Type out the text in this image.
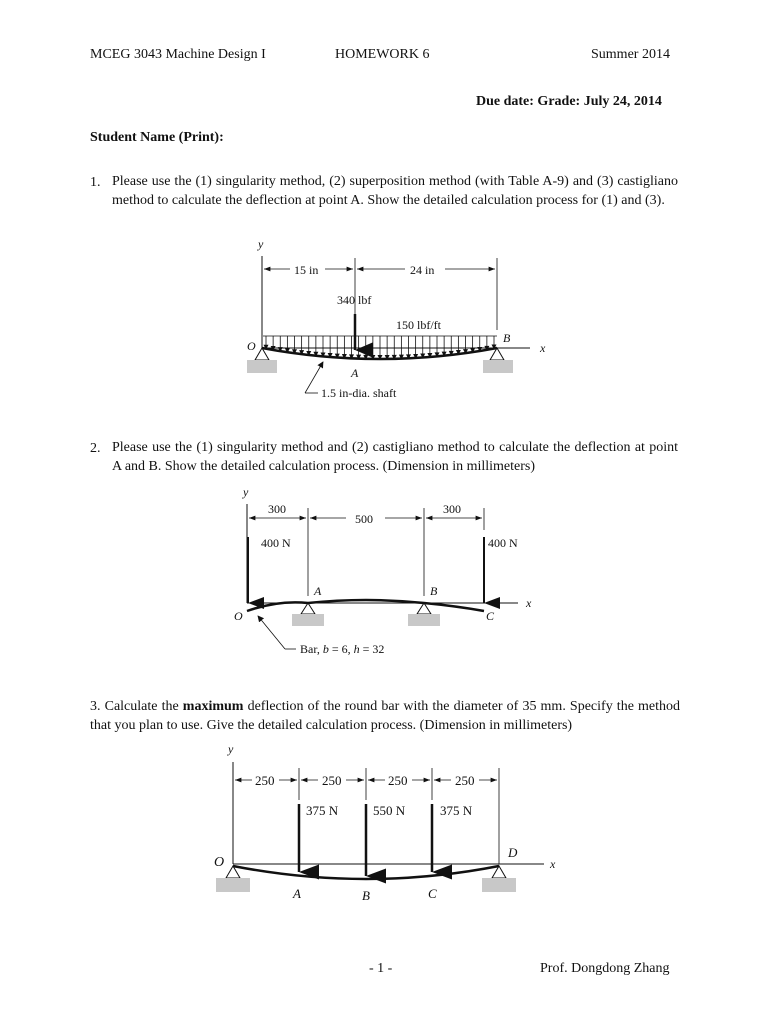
MCEG 3043 Machine Design I	HOMEWORK 6	Summer 2014
Due date: Grade: July 24, 2014
Student Name (Print):
1. Please use the (1) singularity method, (2) superposition method (with Table A-9) and (3) castigliano method to calculate the deflection at point A. Show the detailed calculation process for (1) and (3).
y
x
15 in	24 in
340 lbf
150 lbf/ft
O
A
B
1.5 in-dia. shaft
2. Please use the (1) singularity method and (2) castigliano method to calculate the deflection at point A and B. Show the detailed calculation process. (Dimension in millimeters)
y
x
300
500
300
400 N	400 N
O
A	B
C
Bar, b = 6, h = 32
3. Calculate the maximum deflection of the round bar with the diameter of 35 mm. Specify the method that you plan to use. Give the detailed calculation process. (Dimension in millimeters)
y
x
250	250	250	250
375 N	550 N	375 N
O
A	B	C
D
- 1 -	Prof. Dongdong Zhang
